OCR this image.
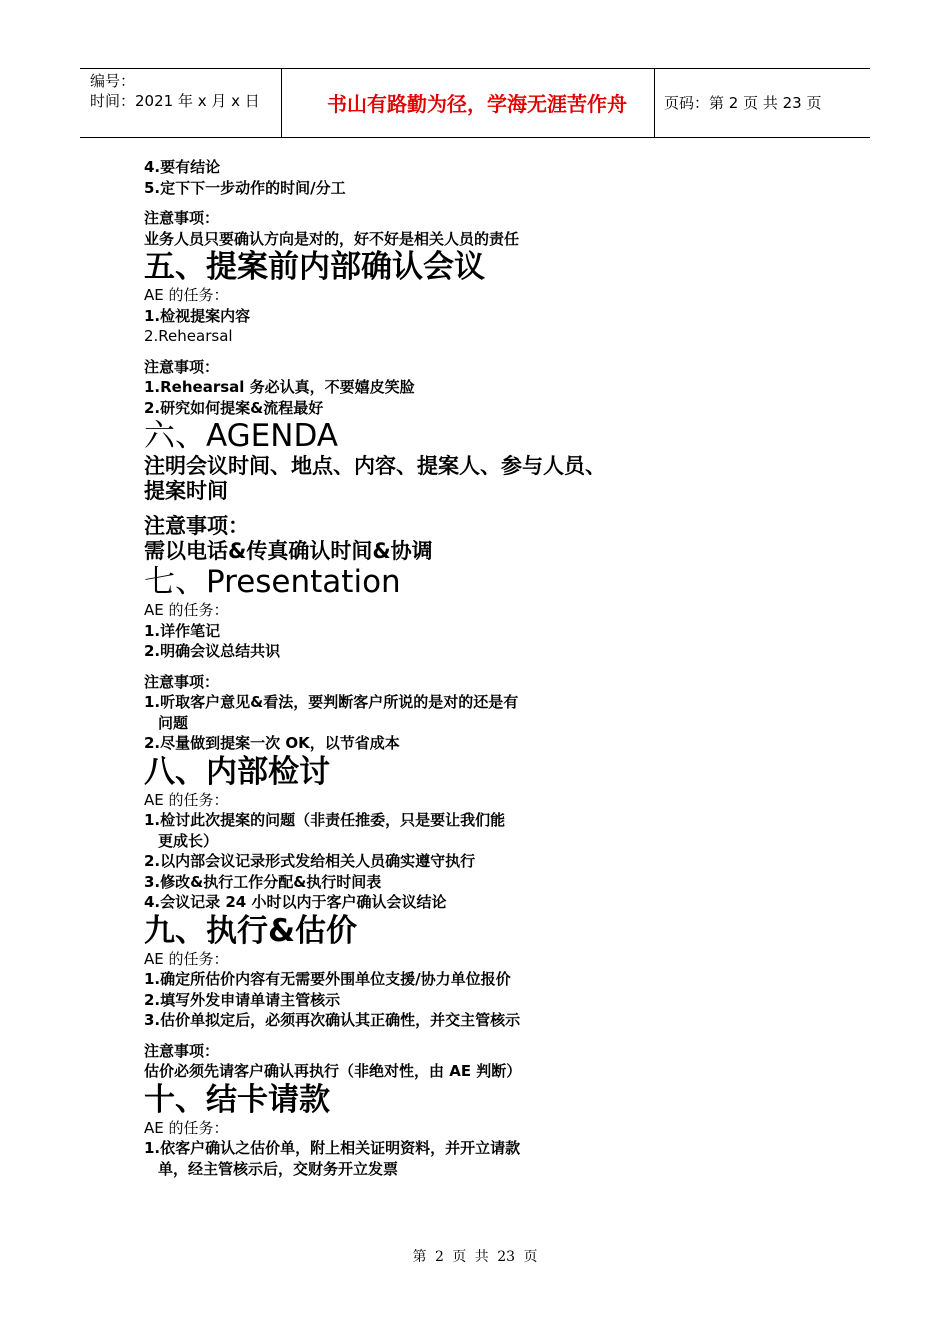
编号：
时间：2021 年 x 月 x 日	书山有路勤为径，学海无涯苦作舟	页码：第 2 页 共 23 页
4.要有结论
5.定下下一步动作的时间/分工
注意事项：
业务人员只要确认方向是对的，好不好是相关人员的责任
五、提案前内部确认会议
AE 的任务：
1.检视提案内容
2.Rehearsal
注意事项：
1.Rehearsal 务必认真，不要嬉皮笑脸
2.研究如何提案&流程最好
六、AGENDA
注明会议时间、地点、内容、提案人、参与人员、
提案时间
注意事项：
需以电话&传真确认时间&协调
七、Presentation
AE 的任务：
1.详作笔记
2.明确会议总结共识
注意事项：
1.听取客户意见&看法，要判断客户所说的是对的还是有
问题
2.尽量做到提案一次 OK，以节省成本
八、内部检讨
AE 的任务：
1.检讨此次提案的问题（非责任推委，只是要让我们能
更成长）
2.以内部会议记录形式发给相关人员确实遵守执行
3.修改&执行工作分配&执行时间表
4.会议记录 24 小时以内于客户确认会议结论
九、执行&估价
AE 的任务：
1.确定所估价内容有无需要外围单位支援/协力单位报价
2.填写外发申请单请主管核示
3.估价单拟定后，必须再次确认其正确性，并交主管核示
注意事项：
估价必须先请客户确认再执行（非绝对性，由 AE 判断）
十、结卡请款
AE 的任务：
1.依客户确认之估价单，附上相关证明资料，并开立请款
单，经主管核示后，交财务开立发票
第 2 页 共 23 页
